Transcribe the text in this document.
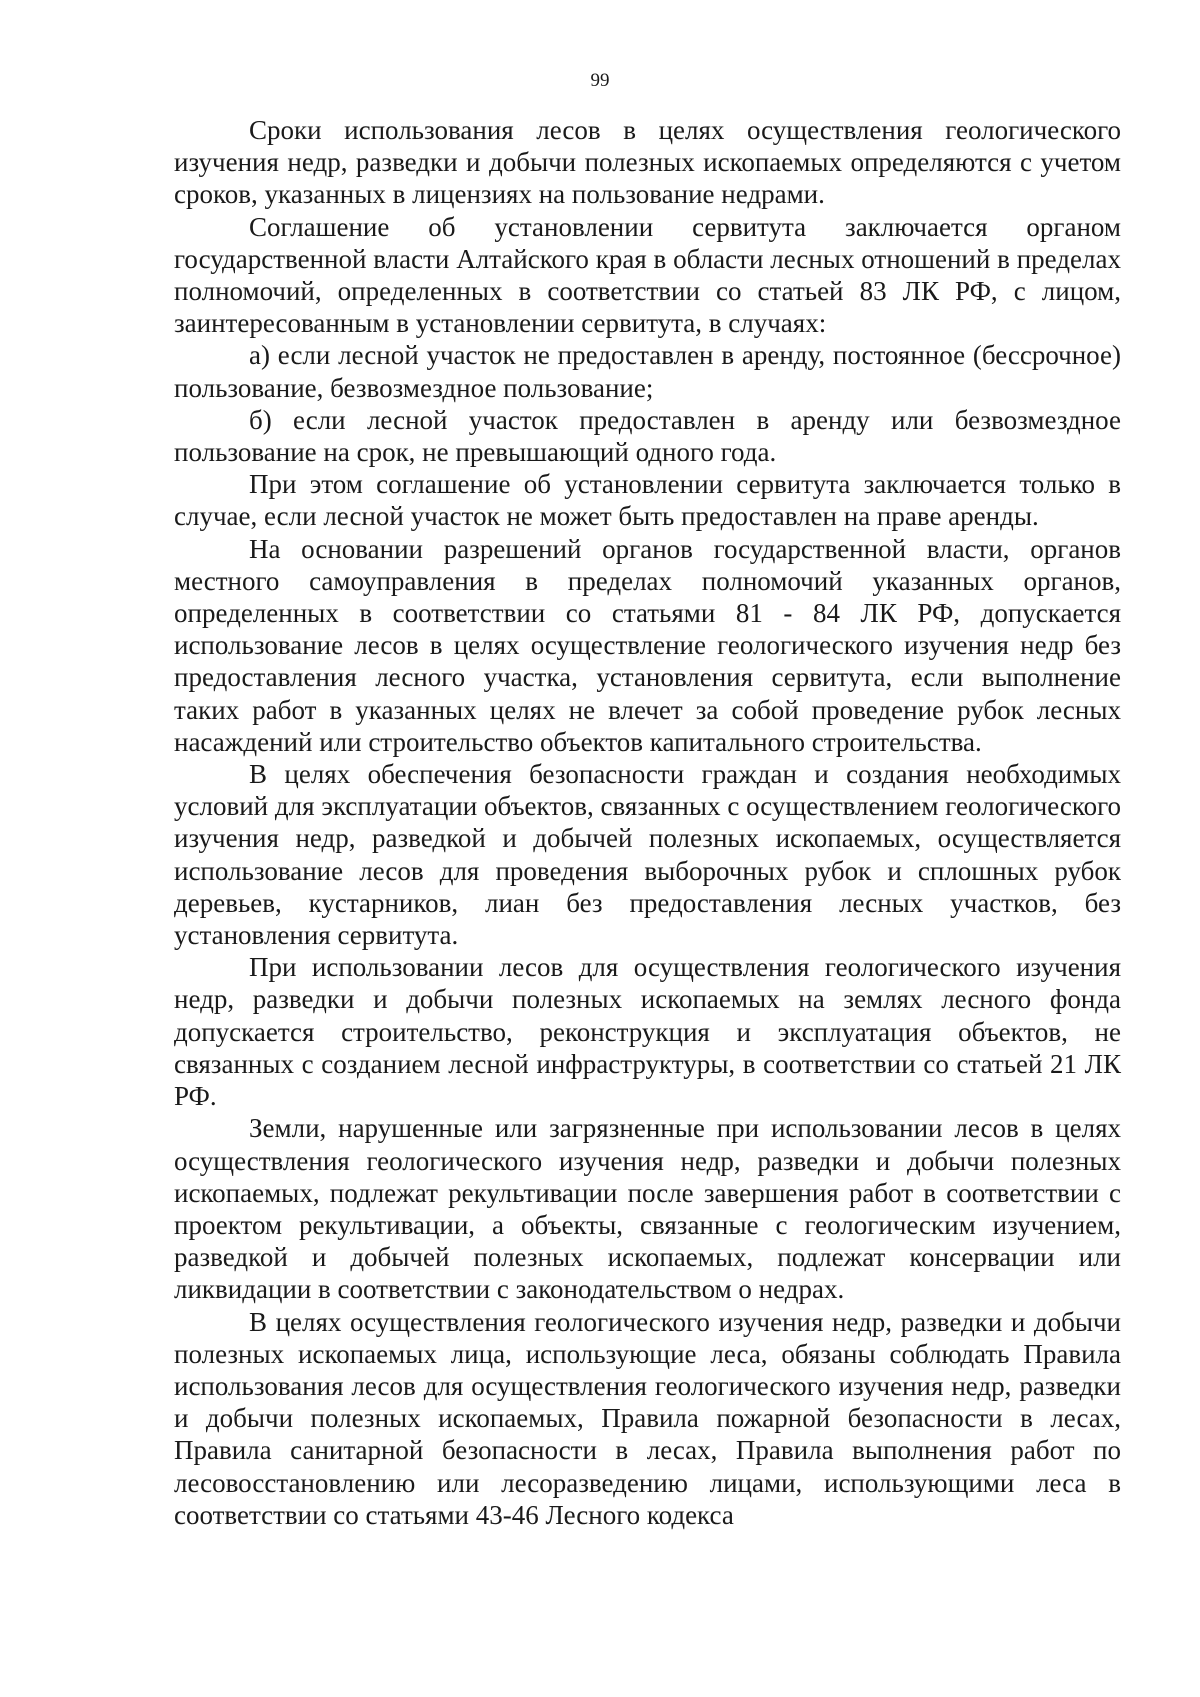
99

Сроки использования лесов в целях осуществления геологического изучения недр, разведки и добычи полезных ископаемых определяются с учетом сроков, указанных в лицензиях на пользование недрами.

Соглашение об установлении сервитута заключается органом государственной власти Алтайского края в области лесных отношений в пределах полномочий, определенных в соответствии со статьей 83 ЛК РФ, с лицом, заинтересованным в установлении сервитута, в случаях:

а) если лесной участок не предоставлен в аренду, постоянное (бессрочное) пользование, безвозмездное пользование;

б) если лесной участок предоставлен в аренду или безвозмездное пользование на срок, не превышающий одного года.

При этом соглашение об установлении сервитута заключается только в случае, если лесной участок не может быть предоставлен на праве аренды.

На основании разрешений органов государственной власти, органов местного самоуправления в пределах полномочий указанных органов, определенных в соответствии со статьями 81 - 84 ЛК РФ, допускается использование лесов в целях осуществление геологического изучения недр без предоставления лесного участка, установления сервитута, если выполнение таких работ в указанных целях не влечет за собой проведение рубок лесных насаждений или строительство объектов капитального строительства.

В целях обеспечения безопасности граждан и создания необходимых условий для эксплуатации объектов, связанных с осуществлением геологического изучения недр, разведкой и добычей полезных ископаемых, осуществляется использование лесов для проведения выборочных рубок и сплошных рубок деревьев, кустарников, лиан без предоставления лесных участков, без установления сервитута.

При использовании лесов для осуществления геологического изучения недр, разведки и добычи полезных ископаемых на землях лесного фонда допускается строительство, реконструкция и эксплуатация объектов, не связанных с созданием лесной инфраструктуры, в соответствии со статьей 21 ЛК РФ.

Земли, нарушенные или загрязненные при использовании лесов в целях осуществления геологического изучения недр, разведки и добычи полезных ископаемых, подлежат рекультивации после завершения работ в соответствии с проектом рекультивации, а объекты, связанные с геологическим изучением, разведкой и добычей полезных ископаемых, подлежат консервации или ликвидации в соответствии с законодательством о недрах.

В целях осуществления геологического изучения недр, разведки и добычи полезных ископаемых лица, использующие леса, обязаны соблюдать Правила использования лесов для осуществления геологического изучения недр, разведки и добычи полезных ископаемых, Правила пожарной безопасности в лесах, Правила санитарной безопасности в лесах, Правила выполнения работ по лесовосстановлению или лесоразведению лицами, использующими леса в соответствии со статьями 43-46 Лесного кодекса
